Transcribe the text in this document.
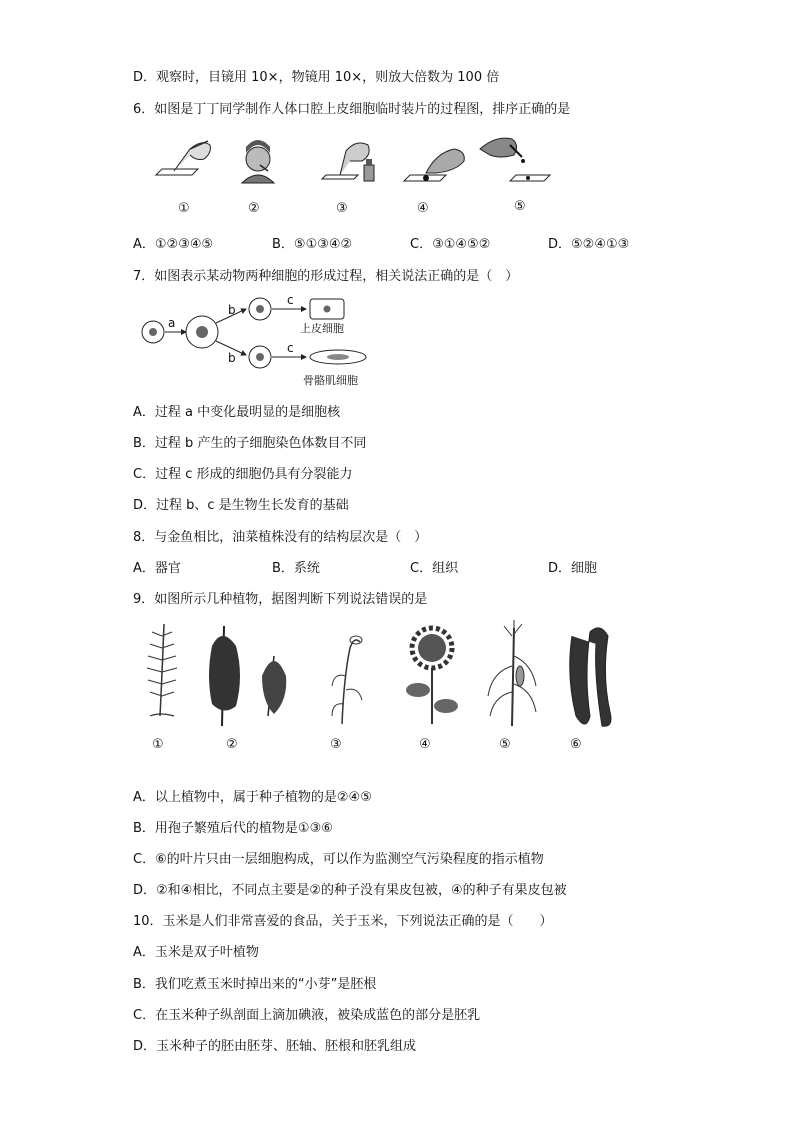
D．观察时，目镜用 10×，物镜用 10×，则放大倍数为 100 倍
6．如图是丁丁同学制作人体口腔上皮细胞临时装片的过程图，排序正确的是
①	②	③	④	⑤
A．①②③④⑤	B．⑤①③④②	C．③①④⑤②	D．⑤②④①③
7．如图表示某动物两种细胞的形成过程，相关说法正确的是（　）
a
b
b
c
c
上皮细胞
骨骼肌细胞
A．过程 a 中变化最明显的是细胞核
B．过程 b 产生的子细胞染色体数目不同
C．过程 c 形成的细胞仍具有分裂能力
D．过程 b、c 是生物生长发育的基础
8．与金鱼相比，油菜植株没有的结构层次是（　）
A．器官	B．系统	C．组织	D．细胞
9．如图所示几种植物，据图判断下列说法错误的是
①	②	③	④	⑤	⑥
A．以上植物中，属于种子植物的是②④⑤
B．用孢子繁殖后代的植物是①③⑥
C．⑥的叶片只由一层细胞构成，可以作为监测空气污染程度的指示植物
D．②和④相比，不同点主要是②的种子没有果皮包被，④的种子有果皮包被
10．玉米是人们非常喜爱的食品，关于玉米，下列说法正确的是（　　）
A．玉米是双子叶植物
B．我们吃煮玉米时掉出来的“小芽”是胚根
C．在玉米种子纵剖面上滴加碘液，被染成蓝色的部分是胚乳
D．玉米种子的胚由胚芽、胚轴、胚根和胚乳组成
